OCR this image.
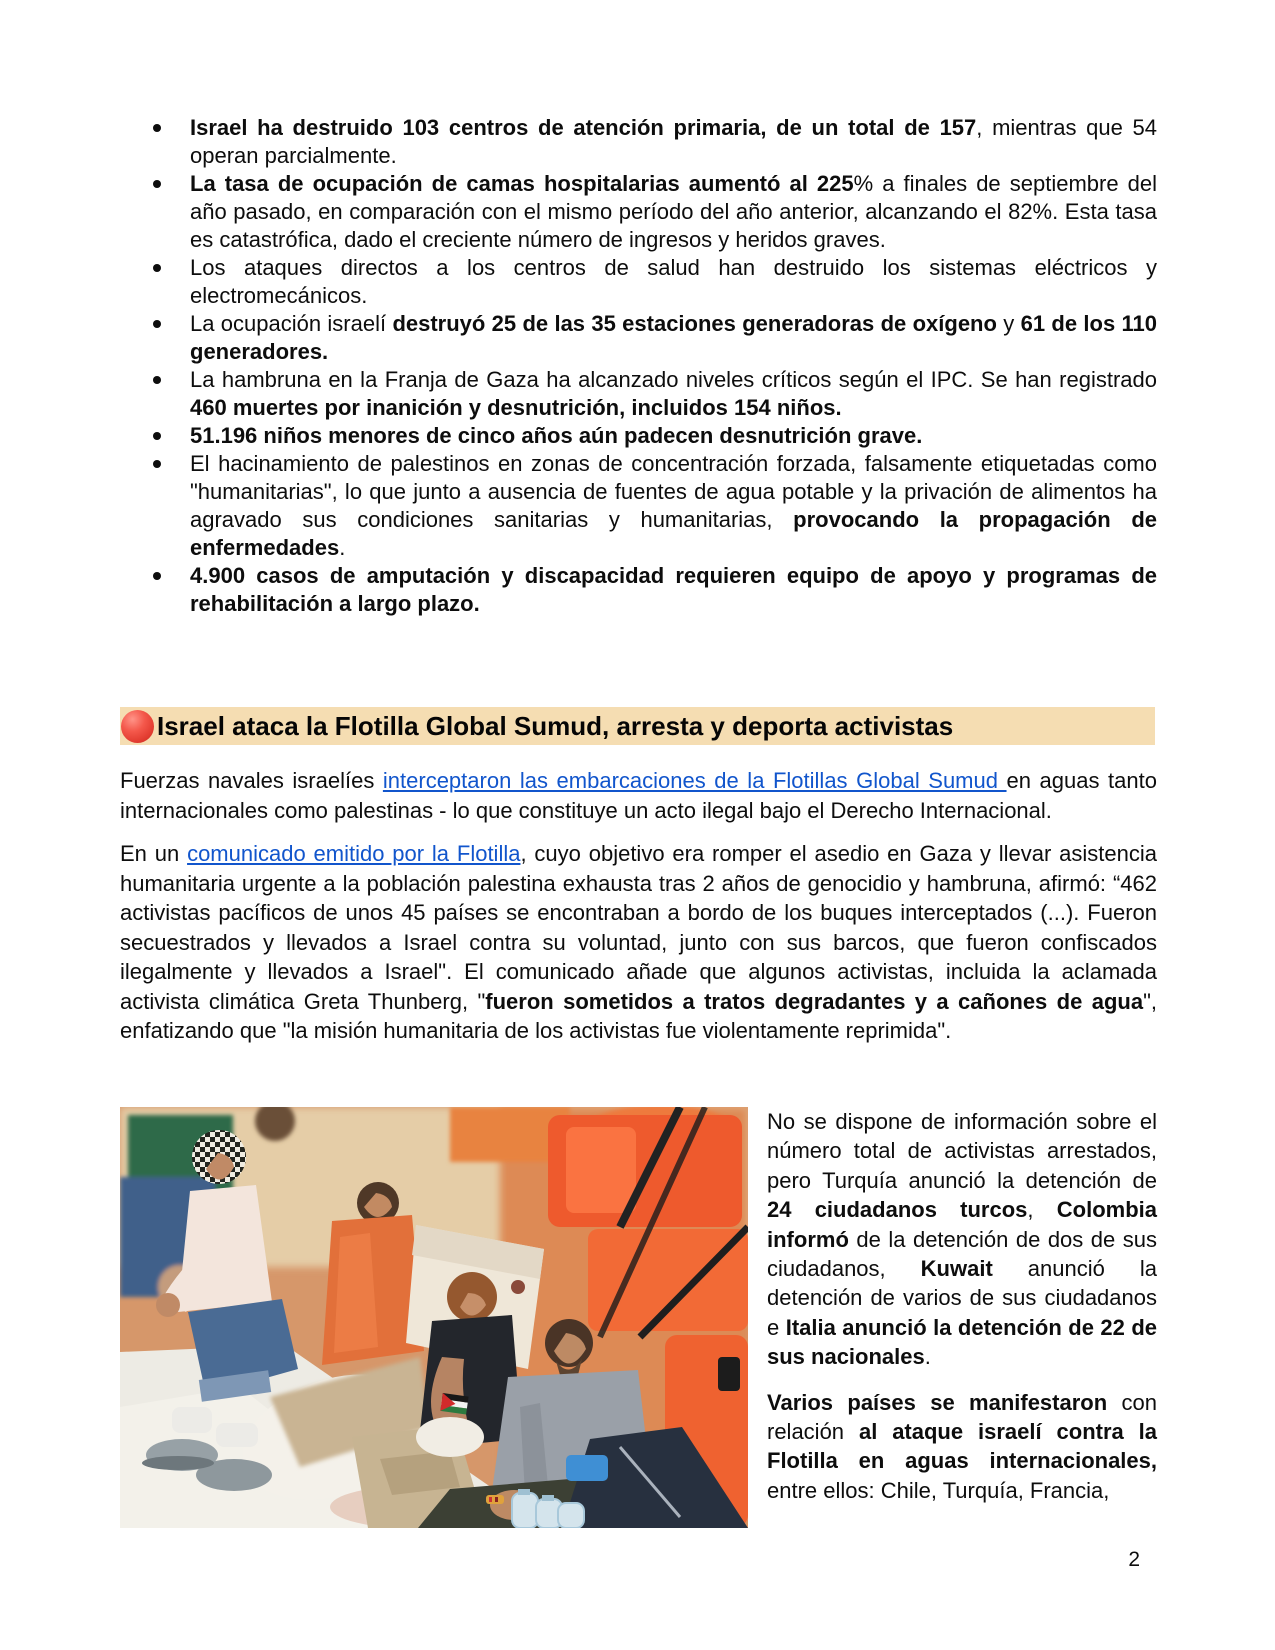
Israel ha destruido 103 centros de atención primaria, de un total de 157, mientras que 54 operan parcialmente.
La tasa de ocupación de camas hospitalarias aumentó al 225% a finales de septiembre del año pasado, en comparación con el mismo período del año anterior, alcanzando el 82%. Esta tasa es catastrófica, dado el creciente número de ingresos y heridos graves.
Los ataques directos a los centros de salud han destruido los sistemas eléctricos y electromecánicos.
La ocupación israelí destruyó 25 de las 35 estaciones generadoras de oxígeno y 61 de los 110 generadores.
La hambruna en la Franja de Gaza ha alcanzado niveles críticos según el IPC. Se han registrado 460 muertes por inanición y desnutrición, incluidos 154 niños.
51.196 niños menores de cinco años aún padecen desnutrición grave.
El hacinamiento de palestinos en zonas de concentración forzada, falsamente etiquetadas como "humanitarias", lo que junto a ausencia de fuentes de agua potable y la privación de alimentos ha agravado sus condiciones sanitarias y humanitarias, provocando la propagación de enfermedades.
4.900 casos de amputación y discapacidad requieren equipo de apoyo y programas de rehabilitación a largo plazo.
Israel ataca la Flotilla Global Sumud, arresta y deporta activistas
Fuerzas navales israelíes interceptaron las embarcaciones de la Flotillas Global Sumud en aguas tanto internacionales como palestinas - lo que constituye un acto ilegal bajo el Derecho Internacional.
En un comunicado emitido por la Flotilla, cuyo objetivo era romper el asedio en Gaza y llevar asistencia humanitaria urgente a la población palestina exhausta tras 2 años de genocidio y hambruna, afirmó: “462 activistas pacíficos de unos 45 países se encontraban a bordo de los buques interceptados (...). Fueron secuestrados y llevados a Israel contra su voluntad, junto con sus barcos, que fueron confiscados ilegalmente y llevados a Israel". El comunicado añade que algunos activistas, incluida la aclamada activista climática Greta Thunberg, "fueron sometidos a tratos degradantes y a cañones de agua", enfatizando que "la misión humanitaria de los activistas fue violentamente reprimida".

No se dispone de información sobre el número total de activistas arrestados, pero Turquía anunció la detención de 24 ciudadanos turcos, Colombia informó de la detención de dos de sus ciudadanos, Kuwait anunció la detención de varios de sus ciudadanos e Italia anunció la detención de 22 de sus nacionales.

Varios países se manifestaron con relación al ataque israelí contra la Flotilla en aguas internacionales, entre ellos: Chile, Turquía, Francia,

2
